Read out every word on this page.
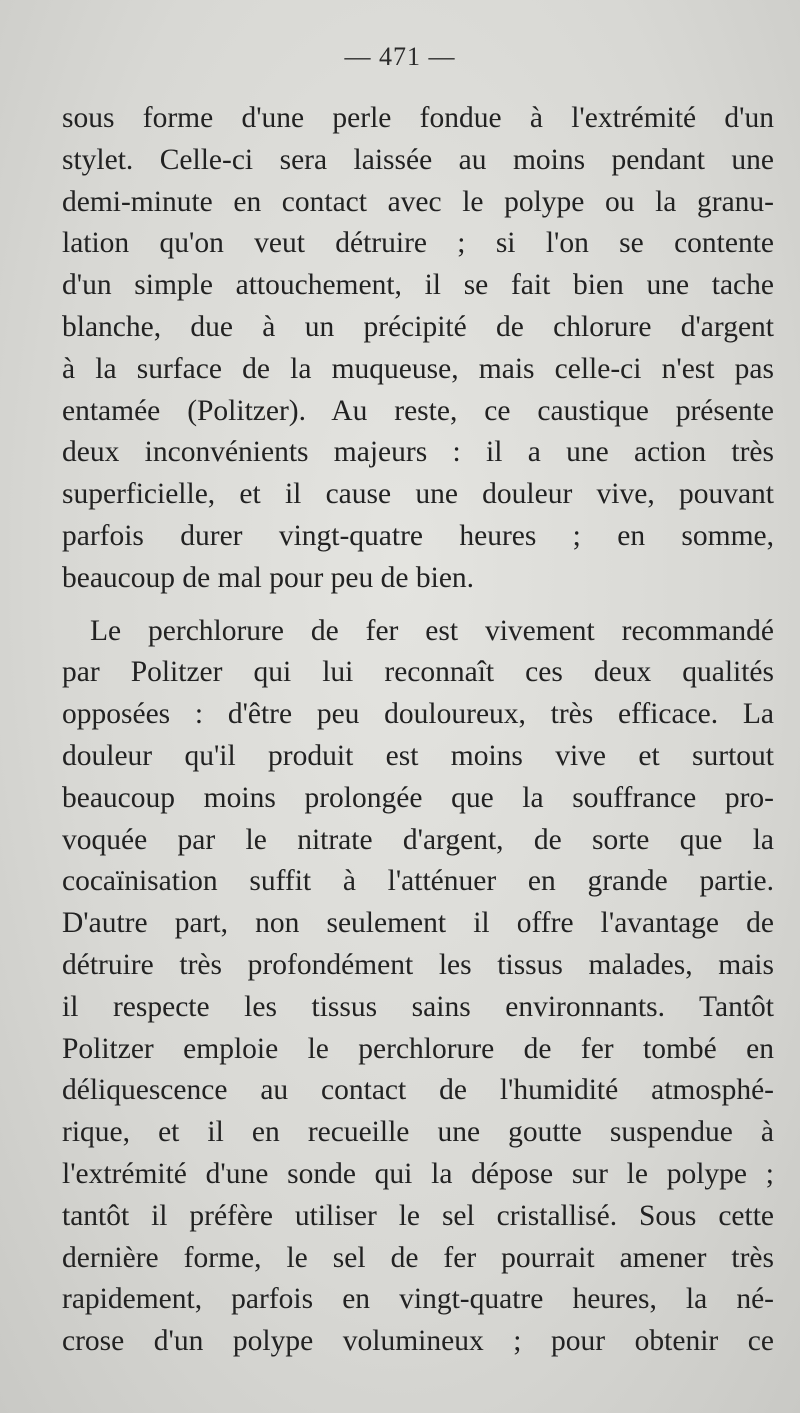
— 471 —
sous forme d'une perle fondue à l'extrémité d'un
stylet. Celle-ci sera laissée au moins pendant une
demi-minute en contact avec le polype ou la granu-
lation qu'on veut détruire ; si l'on se contente
d'un simple attouchement, il se fait bien une tache
blanche, due à un précipité de chlorure d'argent
à la surface de la muqueuse, mais celle-ci n'est pas
entamée (Politzer). Au reste, ce caustique présente
deux inconvénients majeurs : il a une action très
superficielle, et il cause une douleur vive, pouvant
parfois durer vingt-quatre heures ; en somme,
beaucoup de mal pour peu de bien.
Le perchlorure de fer est vivement recommandé
par Politzer qui lui reconnaît ces deux qualités
opposées : d'être peu douloureux, très efficace. La
douleur qu'il produit est moins vive et surtout
beaucoup moins prolongée que la souffrance pro-
voquée par le nitrate d'argent, de sorte que la
cocaïnisation suffit à l'atténuer en grande partie.
D'autre part, non seulement il offre l'avantage de
détruire très profondément les tissus malades, mais
il respecte les tissus sains environnants. Tantôt
Politzer emploie le perchlorure de fer tombé en
déliquescence au contact de l'humidité atmosphé-
rique, et il en recueille une goutte suspendue à
l'extrémité d'une sonde qui la dépose sur le polype ;
tantôt il préfère utiliser le sel cristallisé. Sous cette
dernière forme, le sel de fer pourrait amener très
rapidement, parfois en vingt-quatre heures, la né-
crose d'un polype volumineux ; pour obtenir ce
